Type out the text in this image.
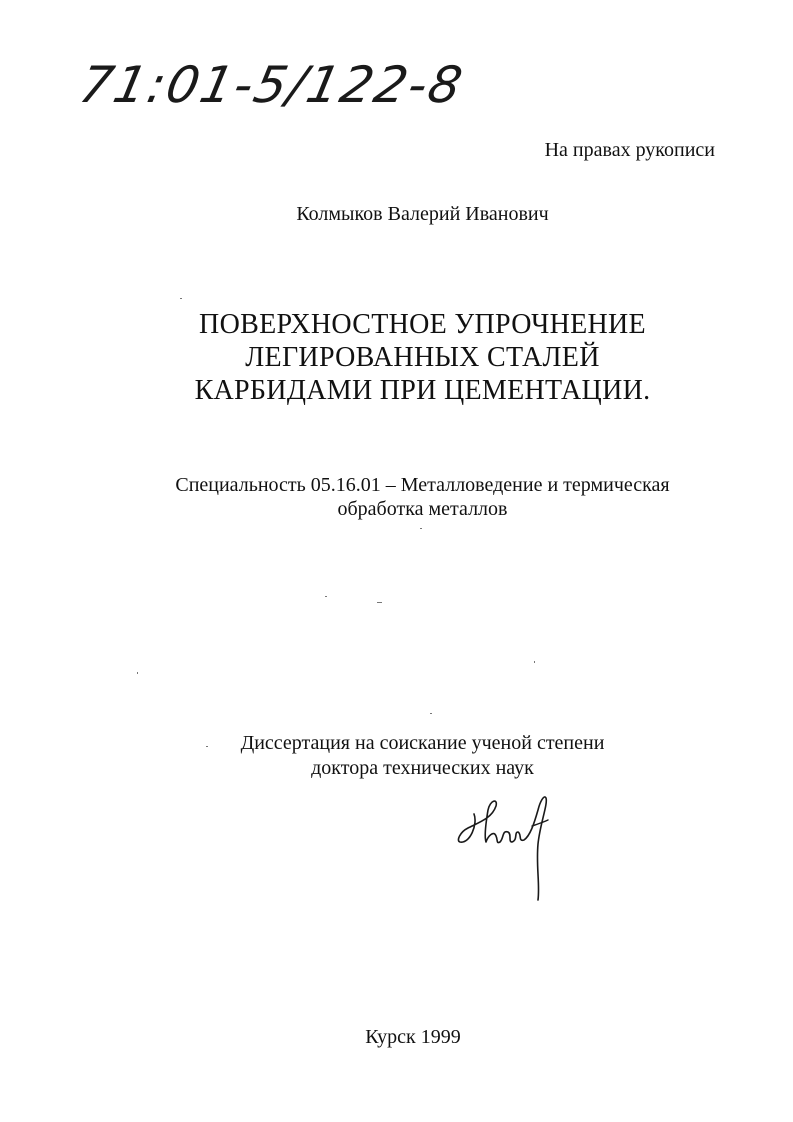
71:01-5/122-8
На правах рукописи
Колмыков Валерий Иванович
ПОВЕРХНОСТНОЕ УПРОЧНЕНИЕ
ЛЕГИРОВАННЫХ СТАЛЕЙ
КАРБИДАМИ ПРИ ЦЕМЕНТАЦИИ.
Специальность 05.16.01 – Металловедение и термическая
обработка металлов
Диссертация на соискание ученой степени
доктора технических наук
Курск 1999
